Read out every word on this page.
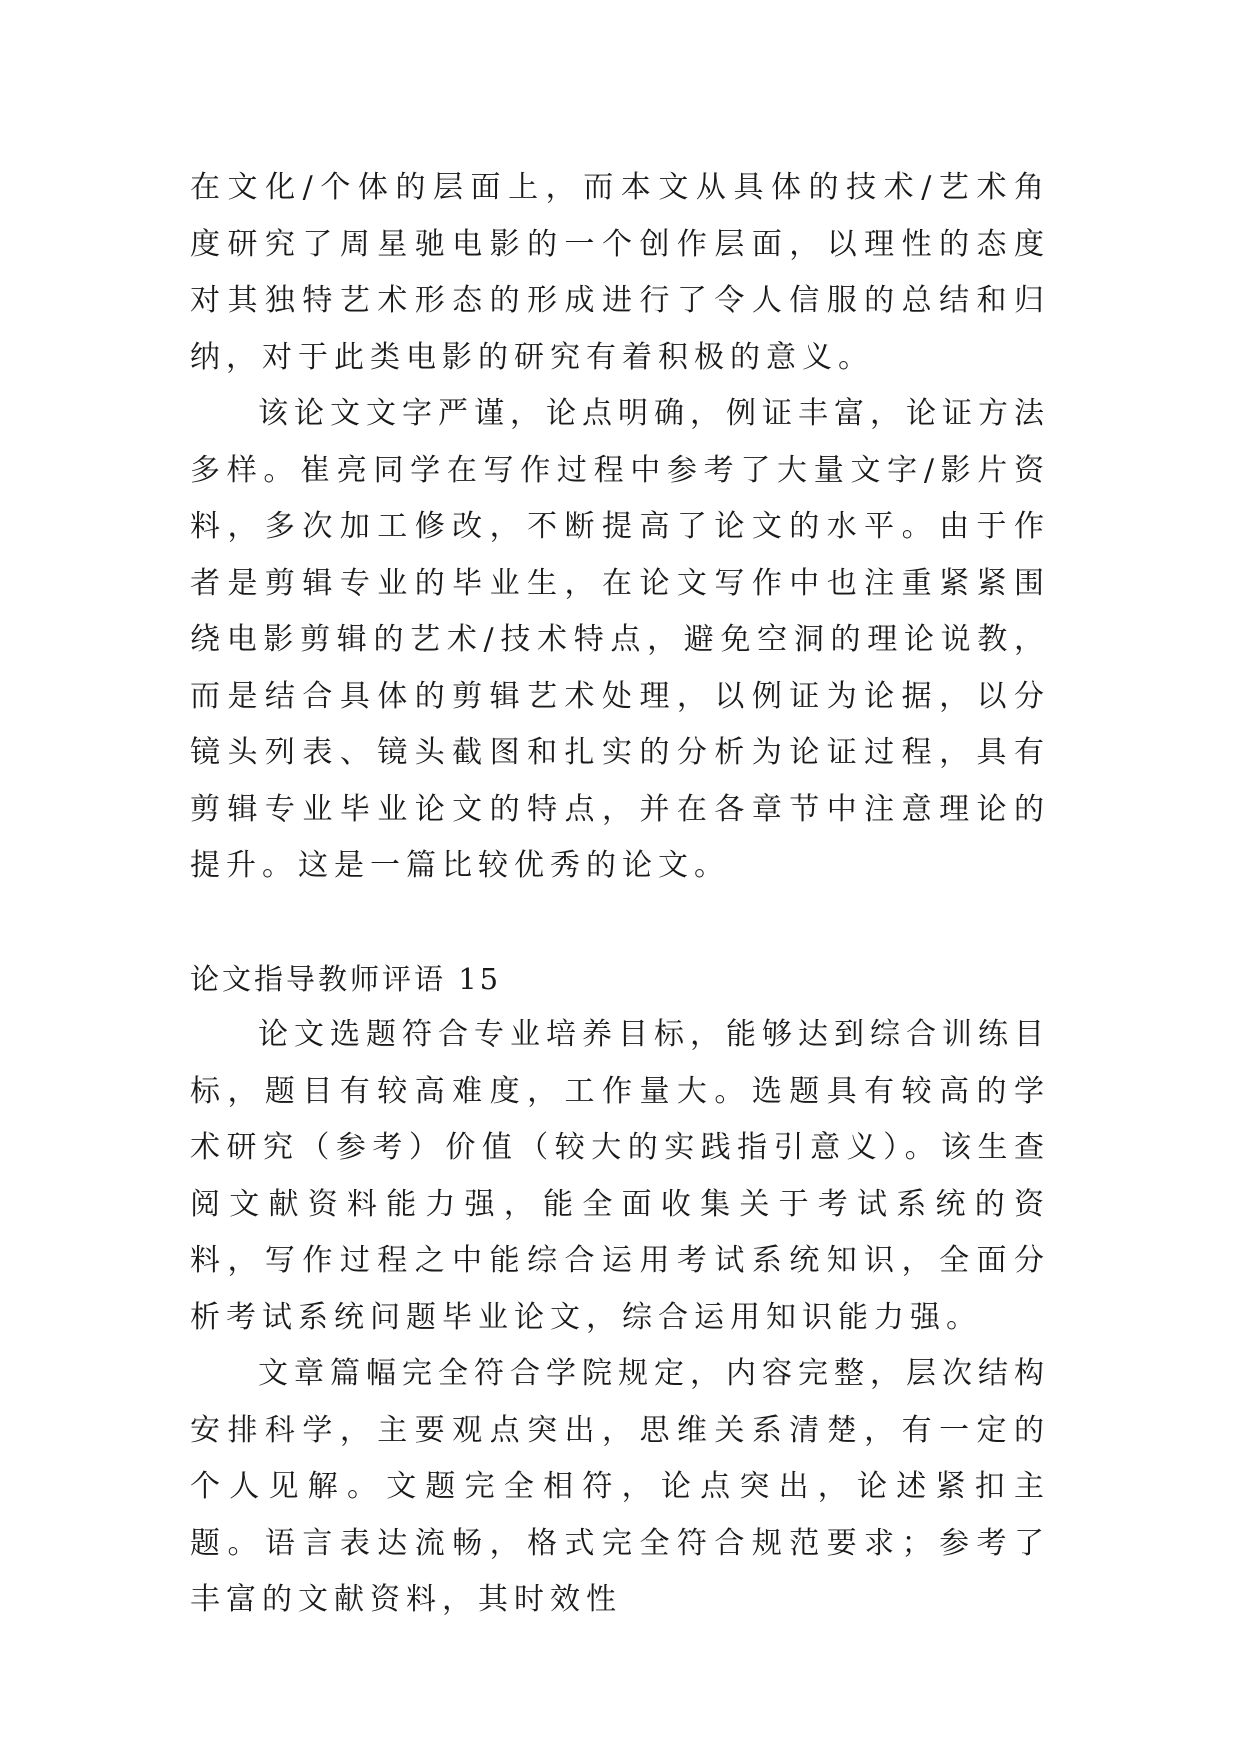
在文化/个体的层面上，而本文从具体的技术/艺术角度研究了周星驰电影的一个创作层面，以理性的态度对其独特艺术形态的形成进行了令人信服的总结和归纳，对于此类电影的研究有着积极的意义。

该论文文字严谨，论点明确，例证丰富，论证方法多样。崔亮同学在写作过程中参考了大量文字/影片资料，多次加工修改，不断提高了论文的水平。由于作者是剪辑专业的毕业生，在论文写作中也注重紧紧围绕电影剪辑的艺术/技术特点，避免空洞的理论说教，而是结合具体的剪辑艺术处理，以例证为论据，以分镜头列表、镜头截图和扎实的分析为论证过程，具有剪辑专业毕业论文的特点，并在各章节中注意理论的提升。这是一篇比较优秀的论文。

论文指导教师评语 15

论文选题符合专业培养目标，能够达到综合训练目标，题目有较高难度，工作量大。选题具有较高的学术研究（参考）价值（较大的实践指引意义）。该生查阅文献资料能力强，能全面收集关于考试系统的资料，写作过程之中能综合运用考试系统知识，全面分析考试系统问题毕业论文，综合运用知识能力强。

文章篇幅完全符合学院规定，内容完整，层次结构安排科学，主要观点突出，思维关系清楚，有一定的个人见解。文题完全相符，论点突出，论述紧扣主题。语言表达流畅，格式完全符合规范要求；参考了丰富的文献资料，其时效性
